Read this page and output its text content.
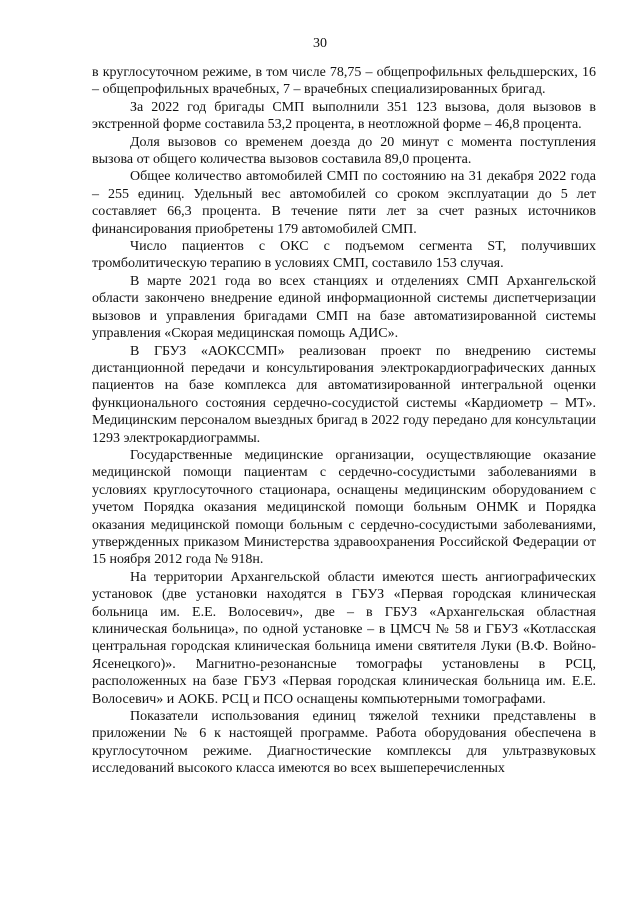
30

в круглосуточном режиме, в том числе 78,75 – общепрофильных фельдшерских, 16 – общепрофильных врачебных, 7 – врачебных специализированных бригад.

За 2022 год бригады СМП выполнили 351 123 вызова, доля вызовов в экстренной форме составила 53,2 процента, в неотложной форме – 46,8 процента.

Доля вызовов со временем доезда до 20 минут с момента поступления вызова от общего количества вызовов составила 89,0 процента.

Общее количество автомобилей СМП по состоянию на 31 декабря 2022 года – 255 единиц. Удельный вес автомобилей со сроком эксплуатации до 5 лет составляет 66,3 процента. В течение пяти лет за счет разных источников финансирования приобретены 179 автомобилей СМП.

Число пациентов с ОКС с подъемом сегмента ST, получивших тромболитическую терапию в условиях СМП, составило 153 случая.

В марте 2021 года во всех станциях и отделениях СМП Архангельской области закончено внедрение единой информационной системы диспетчеризации вызовов и управления бригадами СМП на базе автоматизированной системы управления «Скорая медицинская помощь АДИС».

В ГБУЗ «АОКССМП» реализован проект по внедрению системы дистанционной передачи и консультирования электрокардиографических данных пациентов на базе комплекса для автоматизированной интегральной оценки функционального состояния сердечно-сосудистой системы «Кардиометр – МТ». Медицинским персоналом выездных бригад в 2022 году передано для консультации 1293 электрокардиограммы.

Государственные медицинские организации, осуществляющие оказание медицинской помощи пациентам с сердечно-сосудистыми заболеваниями в условиях круглосуточного стационара, оснащены медицинским оборудованием с учетом Порядка оказания медицинской помощи больным ОНМК и Порядка оказания медицинской помощи больным с сердечно-сосудистыми заболеваниями, утвержденных приказом Министерства здравоохранения Российской Федерации от 15 ноября 2012 года № 918н.

На территории Архангельской области имеются шесть ангиографических установок (две установки находятся в ГБУЗ «Первая городская клиническая больница им. Е.Е. Волосевич», две – в ГБУЗ «Архангельская областная клиническая больница», по одной установке – в ЦМСЧ № 58 и ГБУЗ «Котласская центральная городская клиническая больница имени святителя Луки (В.Ф. Войно-Ясенецкого)». Магнитно-резонансные томографы установлены в РСЦ, расположенных на базе ГБУЗ «Первая городская клиническая больница им. Е.Е. Волосевич» и АОКБ. РСЦ и ПСО оснащены компьютерными томографами.

Показатели использования единиц тяжелой техники представлены в приложении № 6 к настоящей программе. Работа оборудования обеспечена в круглосуточном режиме. Диагностические комплексы для ультразвуковых исследований высокого класса имеются во всех вышеперечисленных
